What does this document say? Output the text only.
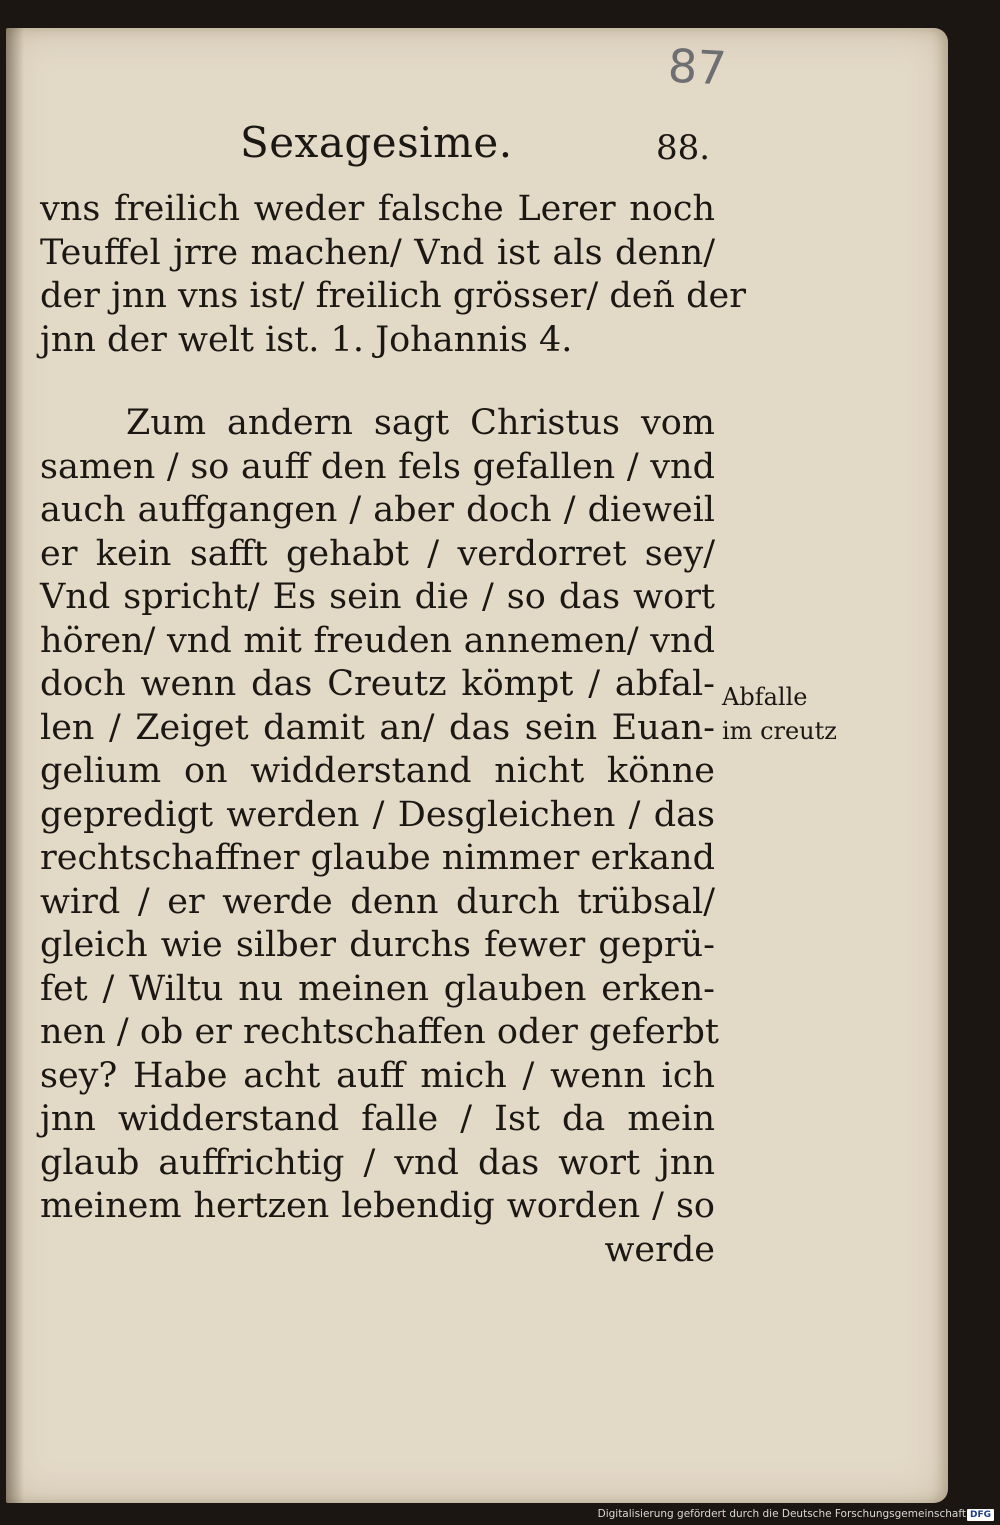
87
Sexagesime.	88.
vns freilich weder falsche Lerer noch
Teuffel jrre machen/ Vnd ist als denn/
der jnn vns ist/ freilich grösser/ deñ der
jnn der welt ist. 1. Johannis 4.
Zum andern sagt Christus vom
samen / so auff den fels gefallen / vnd
auch auffgangen / aber doch / dieweil
er kein safft gehabt / verdorret sey/
Vnd spricht/ Es sein die / so das wort
hören/ vnd mit freuden annemen/ vnd
doch wenn das Creutz kömpt / abfal-
len / Zeiget damit an/ das sein Euan-
gelium on widderstand nicht könne
gepredigt werden / Desgleichen / das
rechtschaffner glaube nimmer erkand
wird / er werde denn durch trübsal/
gleich wie silber durchs fewer geprü-
fet / Wiltu nu meinen glauben erken-
nen / ob er rechtschaffen oder geferbt
sey? Habe acht auff mich / wenn ich
jnn widderstand falle / Ist da mein
glaub auffrichtig / vnd das wort jnn
meinem hertzen lebendig worden / so
werde
Abfalle
im creutz
Digitalisierung gefördert durch die Deutsche Forschungsgemeinschaft DFG
